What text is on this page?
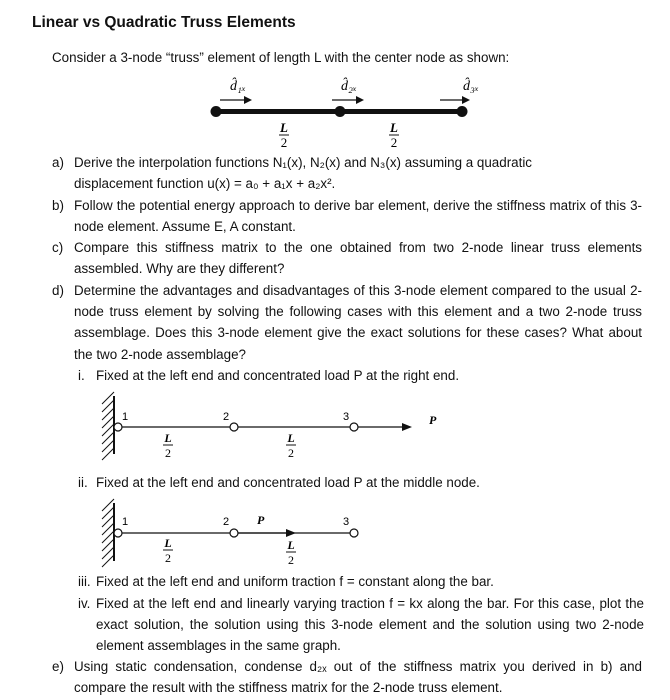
Linear vs Quadratic Truss Elements
Consider a 3-node “truss” element of length L with the center node as shown:
d̂₁ₓ	d̂₂ₓ	d̂₃ₓ
L
2
L
2
a) Derive the interpolation functions N₁(x), N₂(x) and N₃(x) assuming a quadratic
displacement function u(x) = a₀ + a₁x + a₂x².
b) Follow the potential energy approach to derive bar element, derive the stiffness matrix of this 3-node element. Assume E, A constant.
c) Compare this stiffness matrix to the one obtained from two 2-node linear truss elements assembled. Why are they different?
d) Determine the advantages and disadvantages of this 3-node element compared to the usual 2-node truss element by solving the following cases with this element and a two 2-node truss assemblage. Does this 3-node element give the exact solutions for these cases? What about the two 2-node assemblage?
i. Fixed at the left end and concentrated load P at the right end.
1	2	3	P
L
2
L
2
ii. Fixed at the left end and concentrated load P at the middle node.
1	2	3
P
L
2
L
2
iii. Fixed at the left end and uniform traction f = constant along the bar.
iv. Fixed at the left end and linearly varying traction f = kx along the bar. For this case, plot the exact solution, the solution using this 3-node element and the solution using two 2-node element assemblages in the same graph.
e) Using static condensation, condense d₂ₓ out of the stiffness matrix you derived in b) and compare the result with the stiffness matrix for the 2-node truss element.
